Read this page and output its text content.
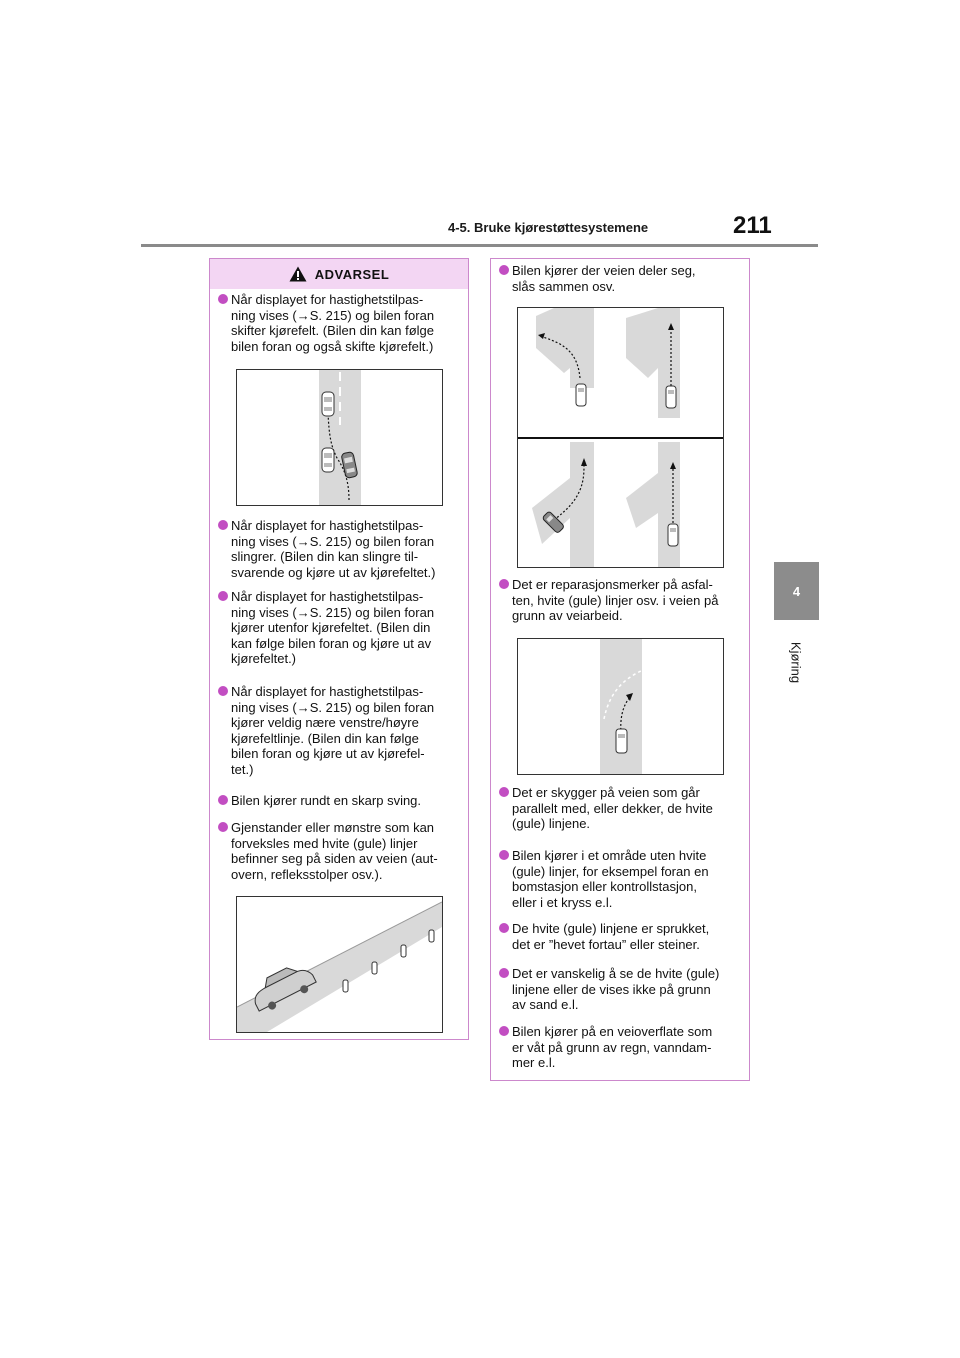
4-5. Bruke kjørestøttesystemene	211
4
Kjøring
ADVARSEL
Når displayet for hastighetstilpas-
ning vises (→S. 215) og bilen foran
skifter kjørefelt. (Bilen din kan følge
bilen foran og også skifte kjørefelt.)
Når displayet for hastighetstilpas-
ning vises (→S. 215) og bilen foran
slingrer. (Bilen din kan slingre til-
svarende og kjøre ut av kjørefeltet.)
Når displayet for hastighetstilpas-
ning vises (→S. 215) og bilen foran
kjører utenfor kjørefeltet. (Bilen din
kan følge bilen foran og kjøre ut av
kjørefeltet.)
Når displayet for hastighetstilpas-
ning vises (→S. 215) og bilen foran
kjører veldig nære venstre/høyre
kjørefeltlinje. (Bilen din kan følge
bilen foran og kjøre ut av kjørefel-
tet.)
Bilen kjører rundt en skarp sving.
Gjenstander eller mønstre som kan
forveksles med hvite (gule) linjer
befinner seg på siden av veien (aut-
overn, refleksstolper osv.).
Bilen kjører der veien deler seg,
slås sammen osv.
Det er reparasjonsmerker på asfal-
ten, hvite (gule) linjer osv. i veien på
grunn av veiarbeid.
Det er skygger på veien som går
parallelt med, eller dekker, de hvite
(gule) linjene.
Bilen kjører i et område uten hvite
(gule) linjer, for eksempel foran en
bomstasjon eller kontrollstasjon,
eller i et kryss e.l.
De hvite (gule) linjene er sprukket,
det er ”hevet fortau” eller steiner.
Det er vanskelig å se de hvite (gule)
linjene eller de vises ikke på grunn
av sand e.l.
Bilen kjører på en veioverflate som
er våt på grunn av regn, vanndam-
mer e.l.
